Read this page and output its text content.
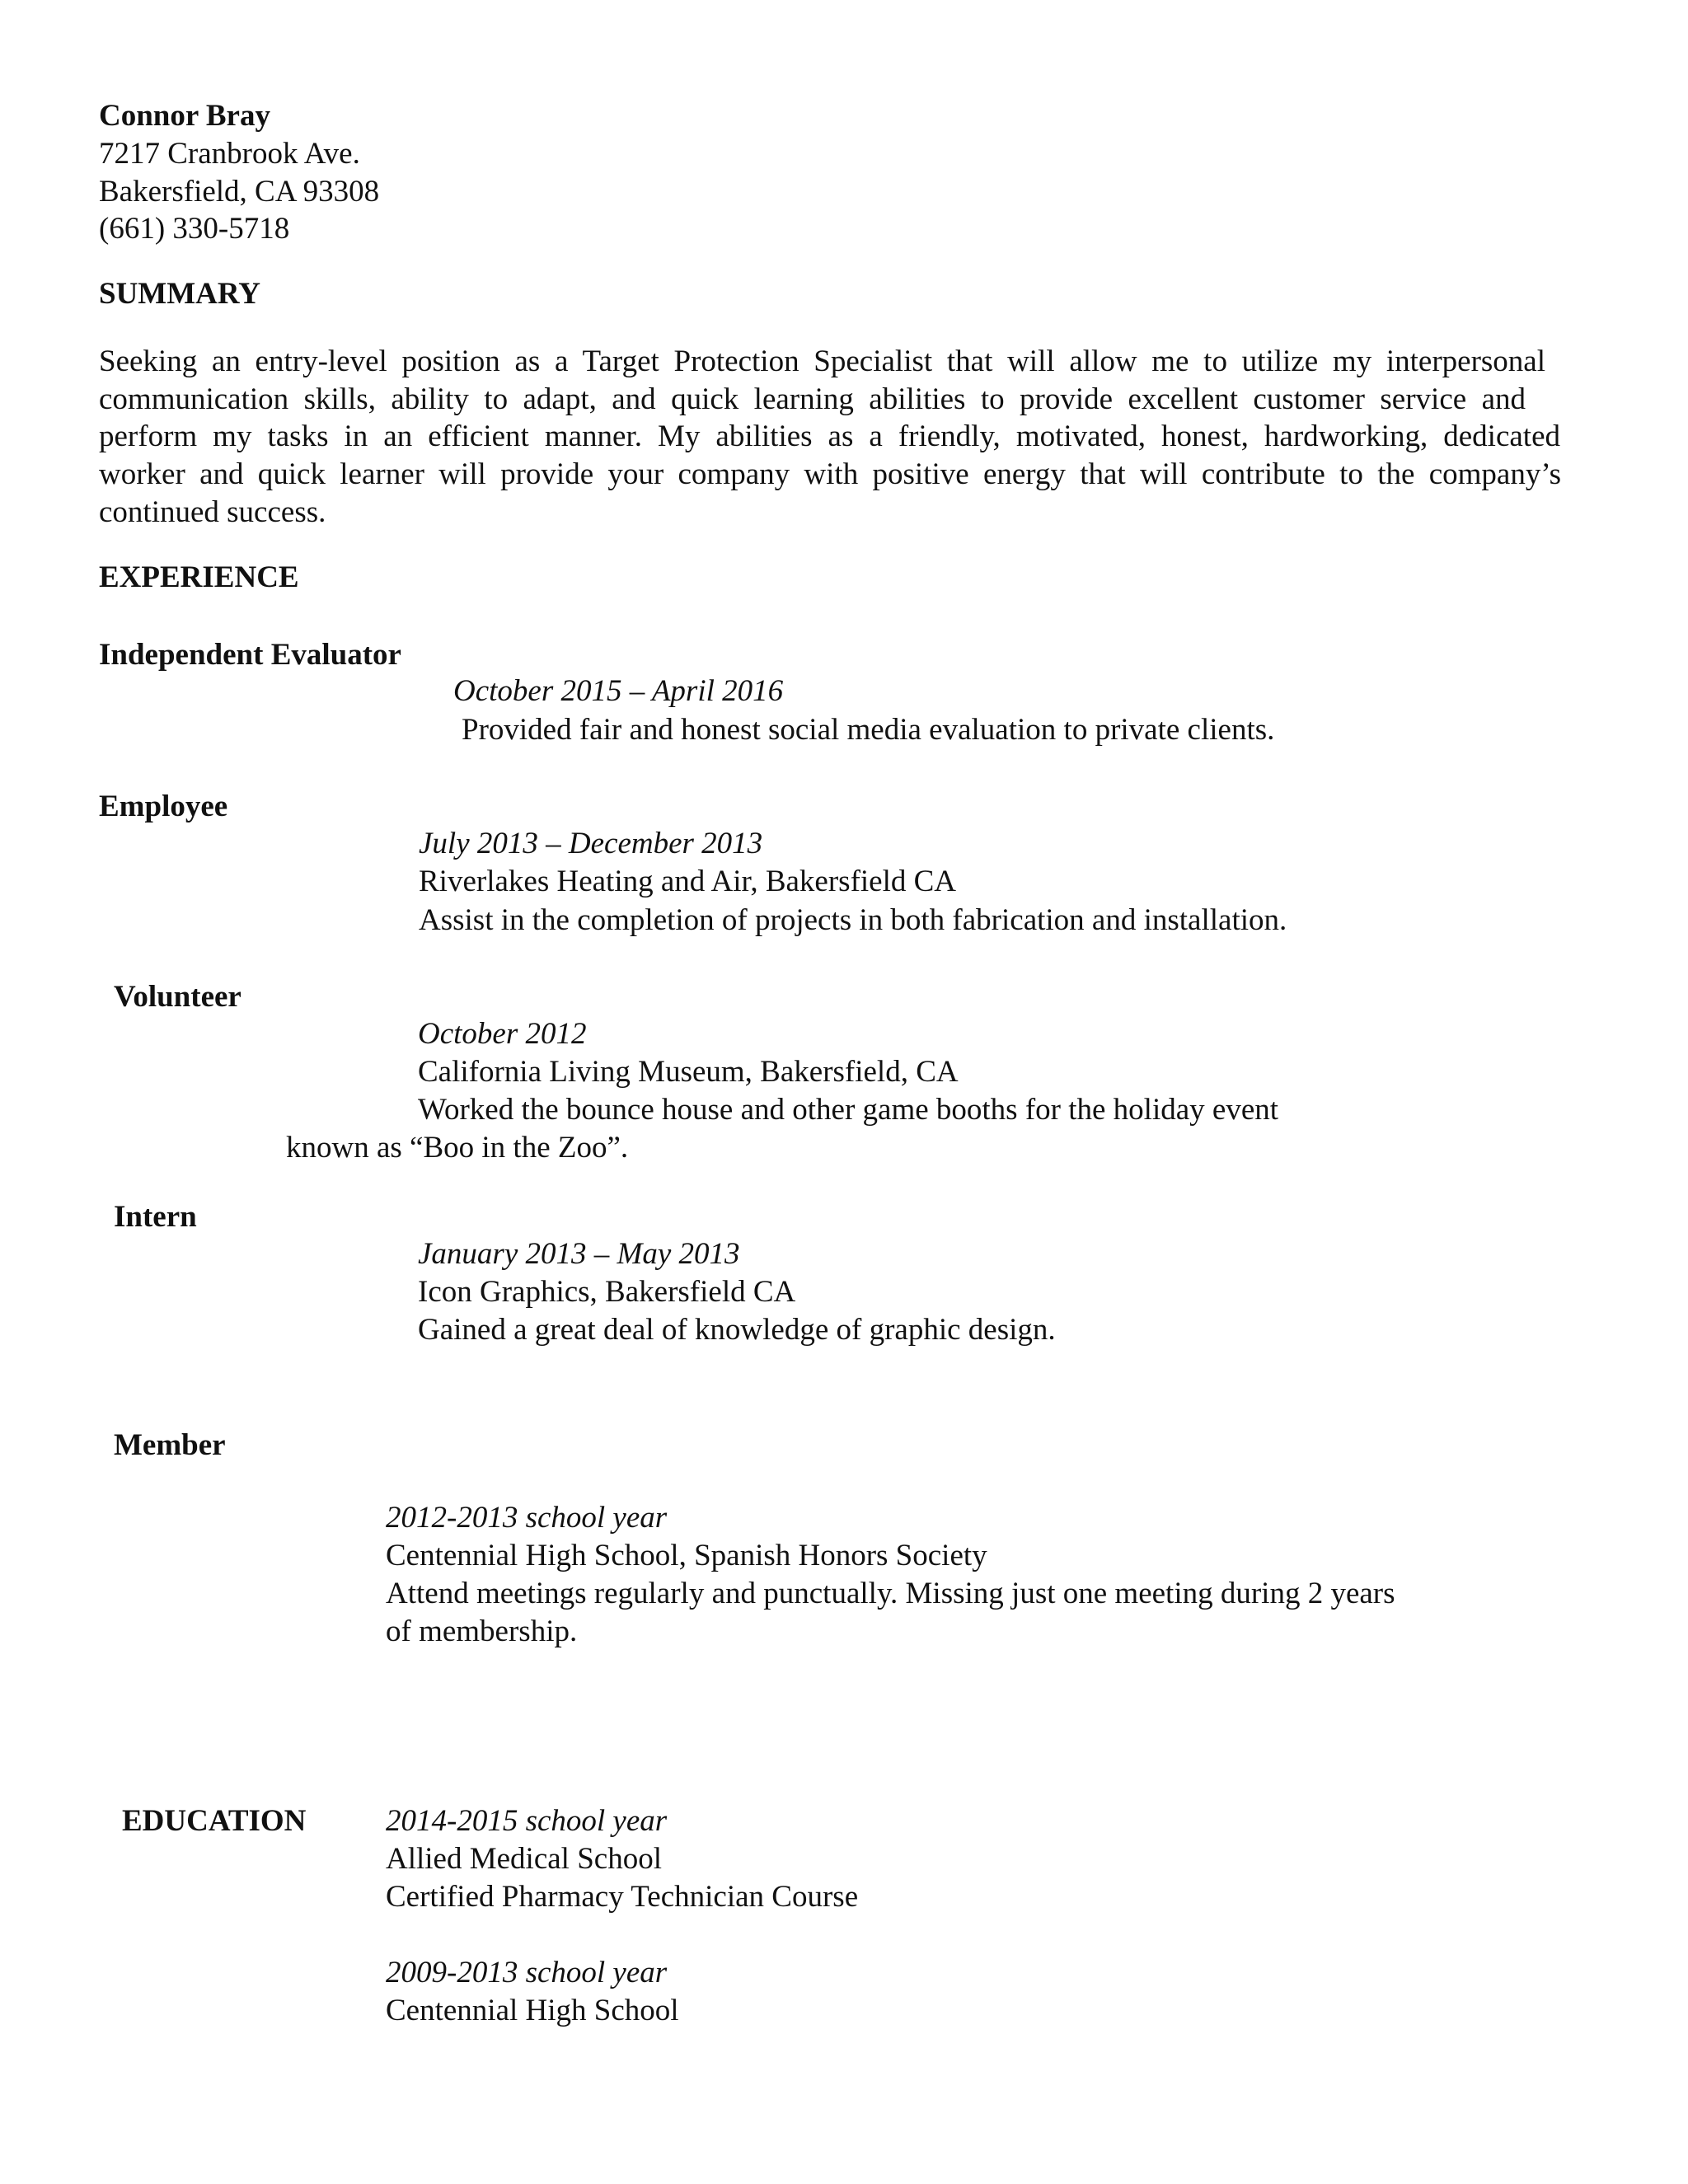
Connor Bray
7217 Cranbrook Ave.
Bakersfield, CA 93308
(661) 330-5718
SUMMARY
Seeking an entry-level position as a Target Protection Specialist that will allow me to utilize my interpersonal
communication skills, ability to adapt, and quick learning abilities to provide excellent customer service and
perform my tasks in an efficient manner. My abilities as a friendly, motivated, honest, hardworking, dedicated
worker and quick learner will provide your company with positive energy that will contribute to the company’s
continued success.
EXPERIENCE
Independent Evaluator
October 2015 – April 2016
Provided fair and honest social media evaluation to private clients.
Employee
July 2013 – December 2013
Riverlakes Heating and Air, Bakersfield CA
Assist in the completion of projects in both fabrication and installation.
Volunteer
October 2012
California Living Museum, Bakersfield, CA
Worked the bounce house and other game booths for the holiday event
known as “Boo in the Zoo”.
Intern
January 2013 – May 2013
Icon Graphics, Bakersfield CA
Gained a great deal of knowledge of graphic design.
Member
2012-2013 school year
Centennial High School, Spanish Honors Society
Attend meetings regularly and punctually. Missing just one meeting during 2 years
of membership.
EDUCATION	2014-2015 school year
Allied Medical School
Certified Pharmacy Technician Course
2009-2013 school year
Centennial High School
